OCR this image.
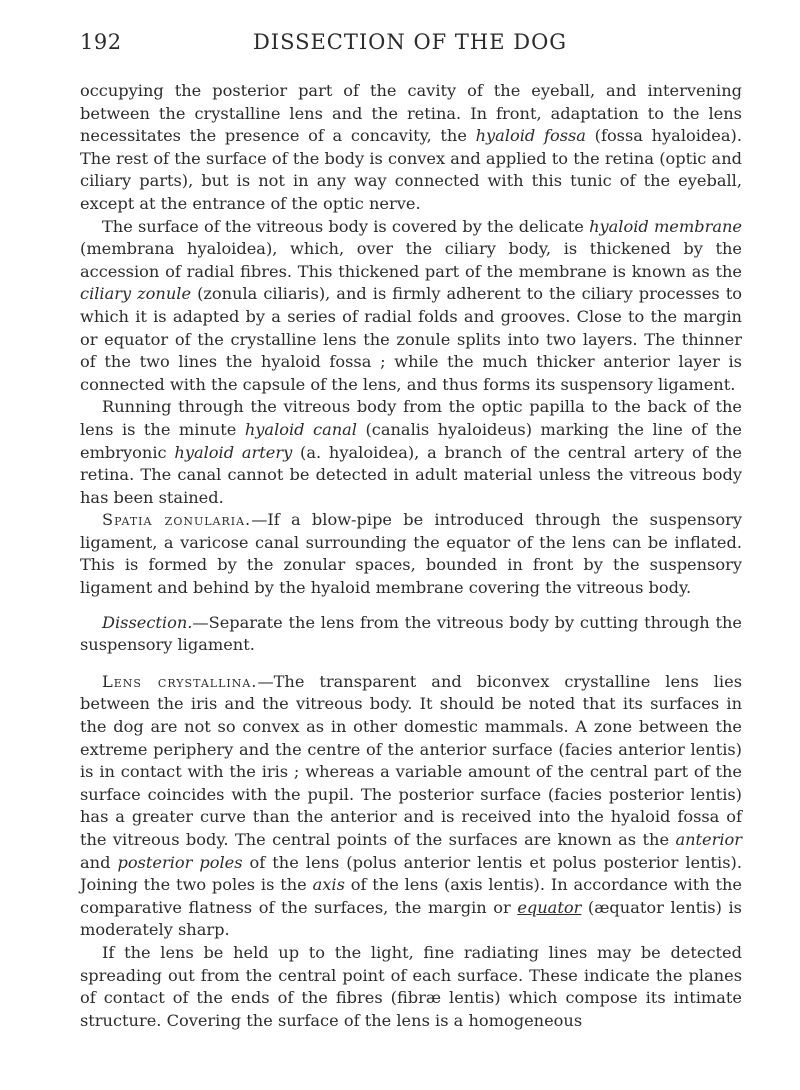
192	DISSECTION OF THE DOG

occupying the posterior part of the cavity of the eyeball, and intervening between the crystalline lens and the retina. In front, adaptation to the lens necessitates the presence of a concavity, the hyaloid fossa (fossa hyaloidea). The rest of the surface of the body is convex and applied to the retina (optic and ciliary parts), but is not in any way connected with this tunic of the eyeball, except at the entrance of the optic nerve.

The surface of the vitreous body is covered by the delicate hyaloid membrane (membrana hyaloidea), which, over the ciliary body, is thickened by the accession of radial fibres. This thickened part of the membrane is known as the ciliary zonule (zonula ciliaris), and is firmly adherent to the ciliary processes to which it is adapted by a series of radial folds and grooves. Close to the margin or equator of the crystalline lens the zonule splits into two layers. The thinner of the two lines the hyaloid fossa ; while the much thicker anterior layer is connected with the capsule of the lens, and thus forms its suspensory ligament.

Running through the vitreous body from the optic papilla to the back of the lens is the minute hyaloid canal (canalis hyaloideus) marking the line of the embryonic hyaloid artery (a. hyaloidea), a branch of the central artery of the retina. The canal cannot be detected in adult material unless the vitreous body has been stained.

Spatia zonularia.—If a blow-pipe be introduced through the suspensory ligament, a varicose canal surrounding the equator of the lens can be inflated. This is formed by the zonular spaces, bounded in front by the suspensory ligament and behind by the hyaloid membrane covering the vitreous body.

Dissection.—Separate the lens from the vitreous body by cutting through the suspensory ligament.

Lens crystallina.—The transparent and biconvex crystalline lens lies between the iris and the vitreous body. It should be noted that its surfaces in the dog are not so convex as in other domestic mammals. A zone between the extreme periphery and the centre of the anterior surface (facies anterior lentis) is in contact with the iris ; whereas a variable amount of the central part of the surface coincides with the pupil. The posterior surface (facies posterior lentis) has a greater curve than the anterior and is received into the hyaloid fossa of the vitreous body. The central points of the surfaces are known as the anterior and posterior poles of the lens (polus anterior lentis et polus posterior lentis). Joining the two poles is the axis of the lens (axis lentis). In accordance with the comparative flatness of the surfaces, the margin or equator (æquator lentis) is moderately sharp.

If the lens be held up to the light, fine radiating lines may be detected spreading out from the central point of each surface. These indicate the planes of contact of the ends of the fibres (fibræ lentis) which compose its intimate structure. Covering the surface of the lens is a homogeneous
